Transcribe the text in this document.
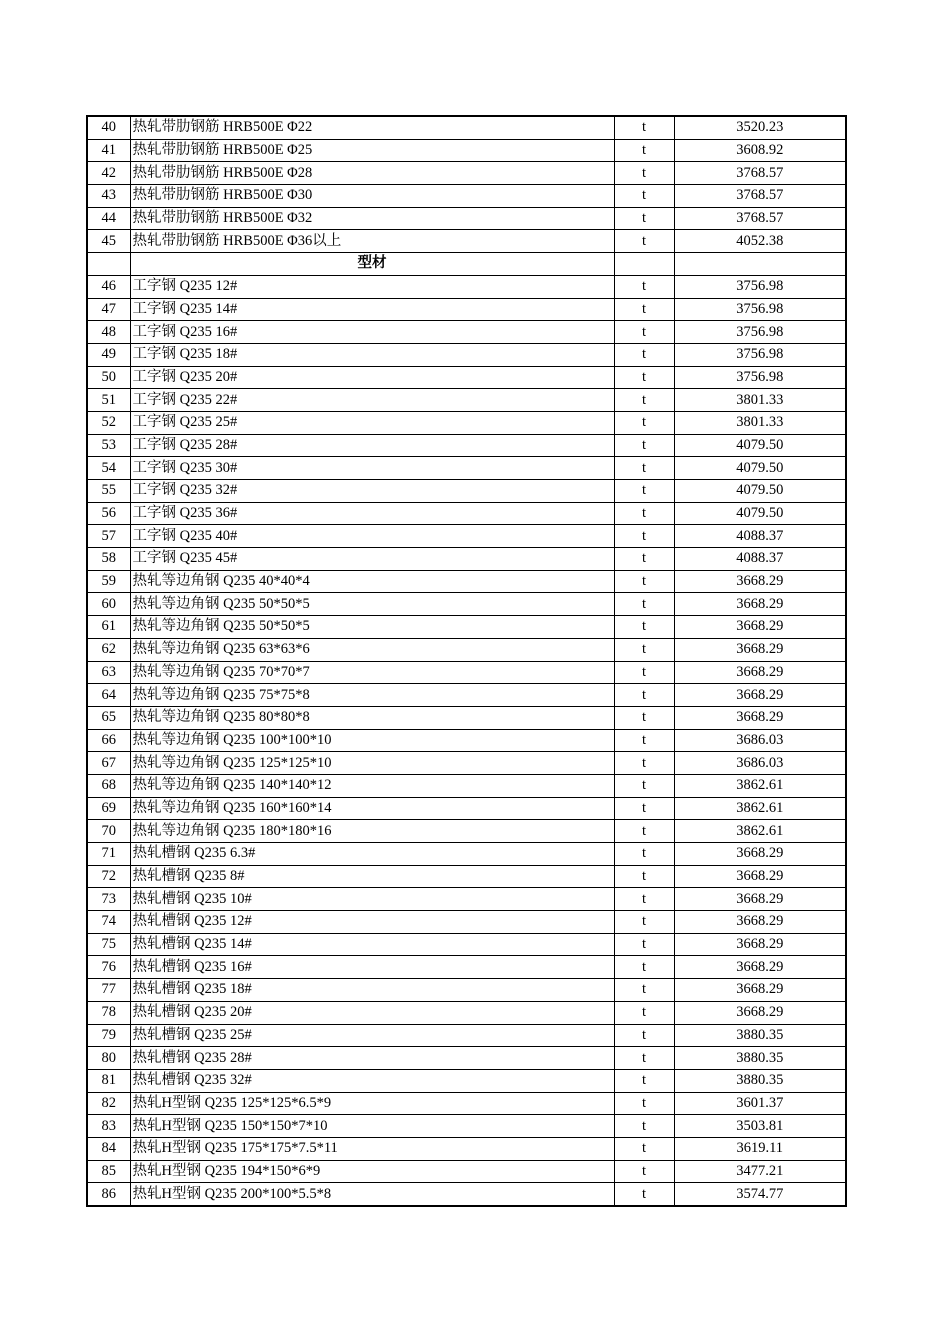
40	热轧带肋钢筋 HRB500E Φ22	t	3520.23
41	热轧带肋钢筋 HRB500E Φ25	t	3608.92
42	热轧带肋钢筋 HRB500E Φ28	t	3768.57
43	热轧带肋钢筋 HRB500E Φ30	t	3768.57
44	热轧带肋钢筋 HRB500E Φ32	t	3768.57
45	热轧带肋钢筋 HRB500E Φ36以上	t	4052.38
	型材		
46	工字钢 Q235 12#	t	3756.98
47	工字钢 Q235 14#	t	3756.98
48	工字钢 Q235 16#	t	3756.98
49	工字钢 Q235 18#	t	3756.98
50	工字钢 Q235 20#	t	3756.98
51	工字钢 Q235 22#	t	3801.33
52	工字钢 Q235 25#	t	3801.33
53	工字钢 Q235 28#	t	4079.50
54	工字钢 Q235 30#	t	4079.50
55	工字钢 Q235 32#	t	4079.50
56	工字钢 Q235 36#	t	4079.50
57	工字钢 Q235 40#	t	4088.37
58	工字钢 Q235 45#	t	4088.37
59	热轧等边角钢 Q235 40*40*4	t	3668.29
60	热轧等边角钢 Q235 50*50*5	t	3668.29
61	热轧等边角钢 Q235 50*50*5	t	3668.29
62	热轧等边角钢 Q235 63*63*6	t	3668.29
63	热轧等边角钢 Q235 70*70*7	t	3668.29
64	热轧等边角钢 Q235 75*75*8	t	3668.29
65	热轧等边角钢 Q235 80*80*8	t	3668.29
66	热轧等边角钢 Q235 100*100*10	t	3686.03
67	热轧等边角钢 Q235 125*125*10	t	3686.03
68	热轧等边角钢 Q235 140*140*12	t	3862.61
69	热轧等边角钢 Q235 160*160*14	t	3862.61
70	热轧等边角钢 Q235 180*180*16	t	3862.61
71	热轧槽钢 Q235 6.3#	t	3668.29
72	热轧槽钢 Q235 8#	t	3668.29
73	热轧槽钢 Q235 10#	t	3668.29
74	热轧槽钢 Q235 12#	t	3668.29
75	热轧槽钢 Q235 14#	t	3668.29
76	热轧槽钢 Q235 16#	t	3668.29
77	热轧槽钢 Q235 18#	t	3668.29
78	热轧槽钢 Q235 20#	t	3668.29
79	热轧槽钢 Q235 25#	t	3880.35
80	热轧槽钢 Q235 28#	t	3880.35
81	热轧槽钢 Q235 32#	t	3880.35
82	热轧H型钢 Q235 125*125*6.5*9	t	3601.37
83	热轧H型钢 Q235 150*150*7*10	t	3503.81
84	热轧H型钢 Q235 175*175*7.5*11	t	3619.11
85	热轧H型钢 Q235 194*150*6*9	t	3477.21
86	热轧H型钢 Q235 200*100*5.5*8	t	3574.77
